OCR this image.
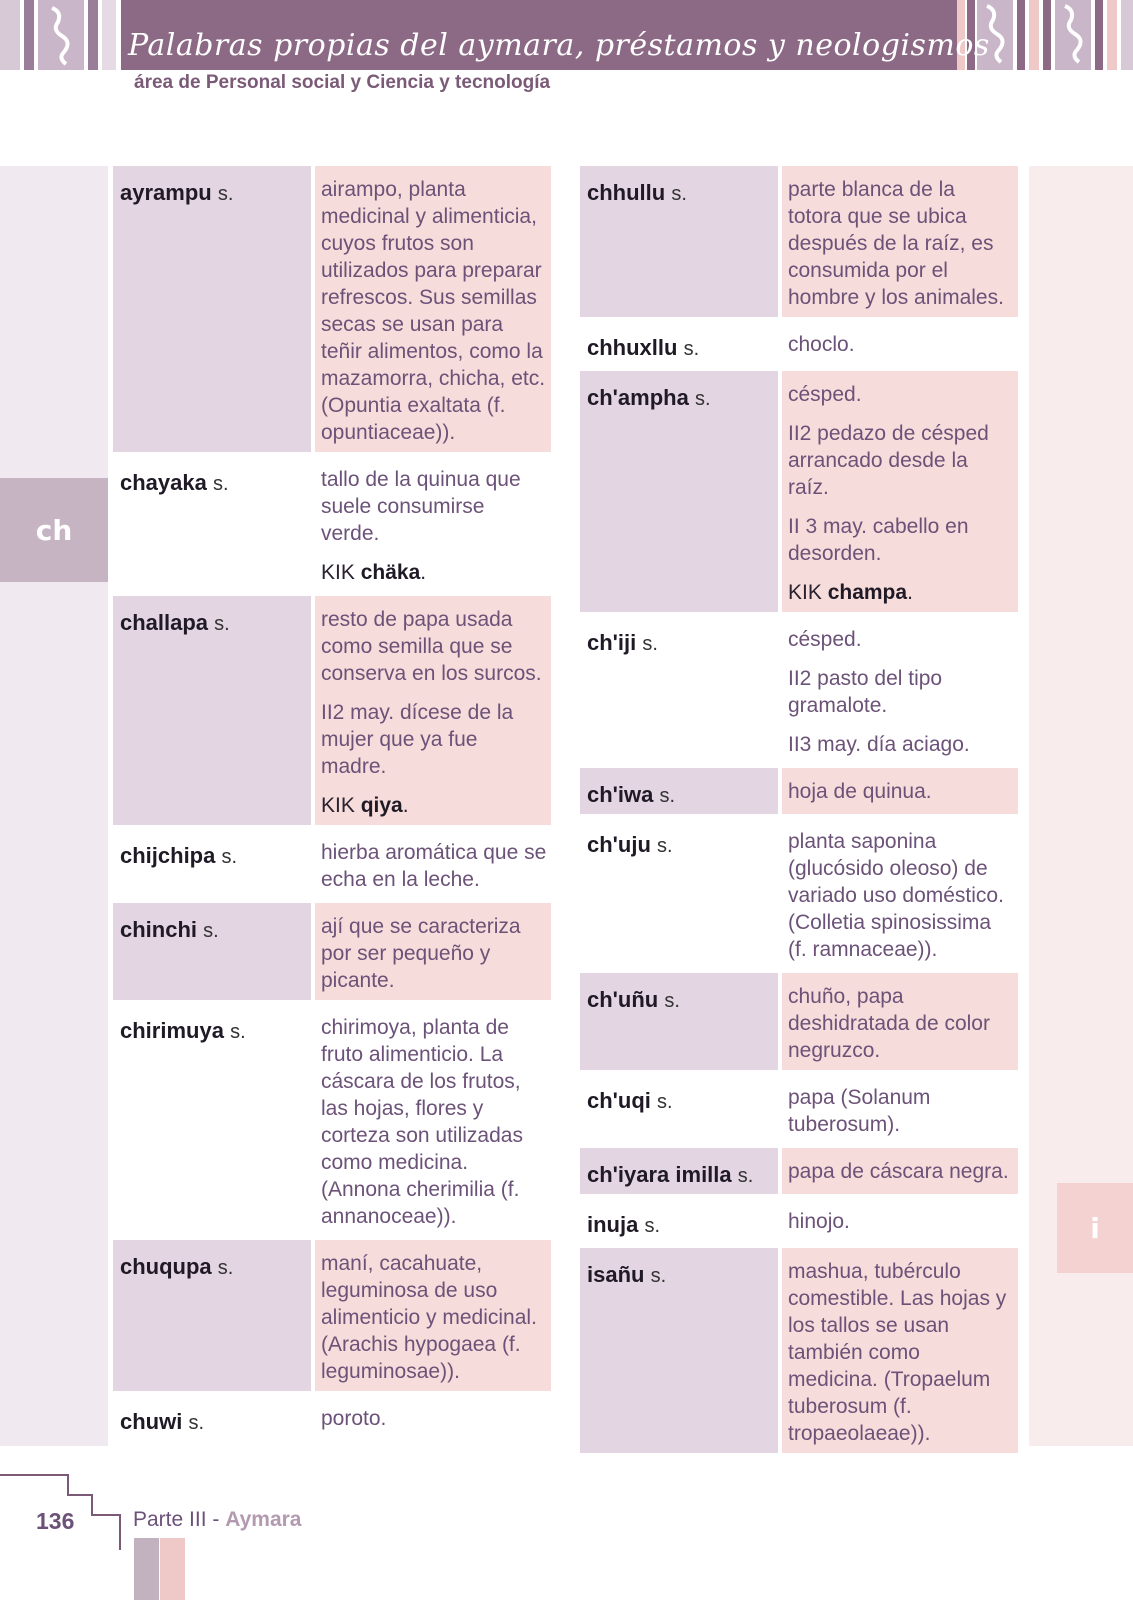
Palabras propias del aymara, préstamos y neologismos
área de Personal social y Ciencia y tecnología
ch
i
ayrampu s.	airampo, planta medicinal y alimenticia, cuyos frutos son utilizados para preparar refrescos. Sus semillas secas se usan para teñir alimentos, como la mazamorra, chicha, etc. (Opuntia exaltata (f. opuntiaceae)).

chayaka s.	tallo de la quinua que suele consumirse verde.

KIK chäka.

challapa s.	resto de papa usada como semilla que se conserva en los surcos.

II2 may. dícese de la mujer que ya fue madre.

KIK qiya.

chijchipa s.	hierba aromática que se echa en la leche.

chinchi s.	ají que se caracteriza por ser pequeño y picante.

chirimuya s.	chirimoya, planta de fruto alimenticio. La cáscara de los frutos, las hojas, flores y corteza son utilizadas como medicina. (Annona cherimilia (f. annanoceae)).

chuqupa s.	maní, cacahuate, leguminosa de uso alimenticio y medicinal. (Arachis hypogaea (f. leguminosae)).

chuwi s.	poroto.

chhullu s.	parte blanca de la totora que se ubica después de la raíz, es consumida por el hombre y los animales.

chhuxllu s.	choclo.

ch'ampha s.	césped.

II2 pedazo de césped arrancado desde la raíz.

II 3 may. cabello en desorden.

KIK champa.

ch'iji s.	césped.

II2 pasto del tipo gramalote.

II3 may. día aciago.

ch'iwa s.	hoja de quinua.

ch'uju s.	planta saponina (glucósido oleoso) de variado uso doméstico. (Colletia spinosissima (f. ramnaceae)).

ch'uñu s.	chuño, papa deshidratada de color negruzco.

ch'uqi s.	papa (Solanum tuberosum).

ch'iyara imilla s.	papa de cáscara negra.

inuja s.	hinojo.

isañu s.	mashua, tubérculo comestible. Las hojas y los tallos se usan también como medicina. (Tropaelum tuberosum (f. tropaeolaeae)).

136	Parte III - Aymara
